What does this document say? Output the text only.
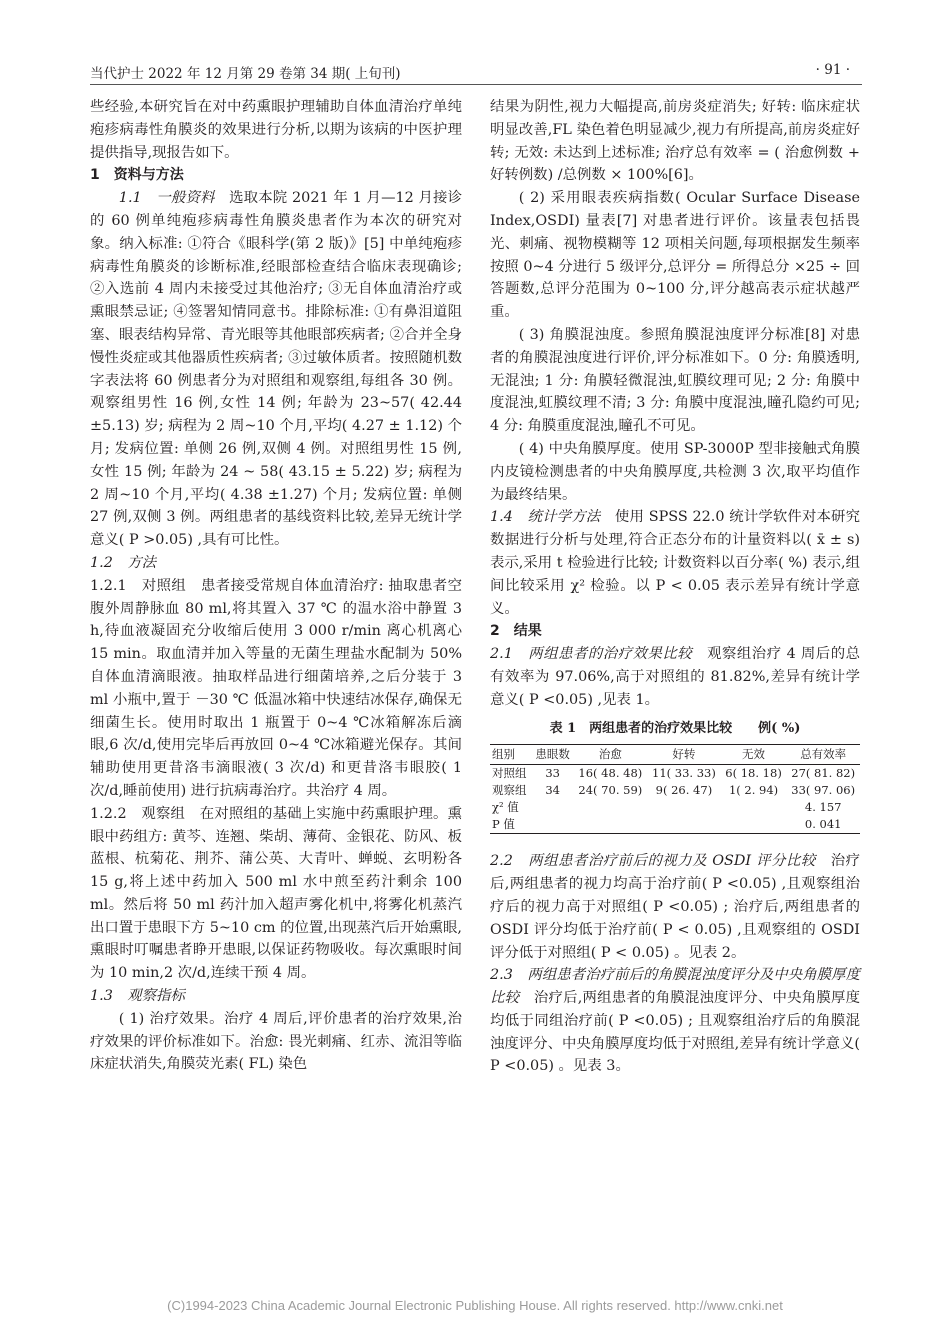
当代护士 2022 年 12 月第 29 卷第 34 期( 上旬刊)	· 91 ·

些经验,本研究旨在对中药熏眼护理辅助自体血清治疗单纯疱疹病毒性角膜炎的效果进行分析,以期为该病的中医护理提供指导,现报告如下。

1　资料与方法

1.1　一般资料　 选取本院 2021 年 1 月—12 月接诊的 60 例单纯疱疹病毒性角膜炎患者作为本次的研究对象。纳入标准: ①符合《眼科学(第 2 版)》[5] 中单纯疱疹病毒性角膜炎的诊断标准,经眼部检查结合临床表现确诊; ②入选前 4 周内未接受过其他治疗; ③无自体血清治疗或熏眼禁忌证; ④签署知情同意书。排除标准: ①有鼻泪道阻塞、眼表结构异常、青光眼等其他眼部疾病者; ②合并全身慢性炎症或其他器质性疾病者; ③过敏体质者。按照随机数字表法将 60 例患者分为对照组和观察组,每组各 30 例。观察组男性 16 例,女性 14 例; 年龄为 23~57( 42.44 ±5.13) 岁; 病程为 2 周~10 个月,平均( 4.27 ± 1.12) 个月; 发病位置: 单侧 26 例,双侧 4 例。对照组男性 15 例,女性 15 例; 年龄为 24 ~ 58( 43.15 ± 5.22) 岁; 病程为 2 周~10 个月,平均( 4.38 ±1.27) 个月; 发病位置: 单侧 27 例,双侧 3 例。两组患者的基线资料比较,差异无统计学意义( P >0.05) ,具有可比性。

1.2　方法

1.2.1　对照组　 患者接受常规自体血清治疗: 抽取患者空腹外周静脉血 80 ml,将其置入 37 ℃ 的温水浴中静置 3 h,待血液凝固充分收缩后使用 3 000 r/min 离心机离心 15 min。取血清并加入等量的无菌生理盐水配制为 50% 自体血清滴眼液。抽取样品进行细菌培养,之后分装于 3 ml 小瓶中,置于 －30 ℃ 低温冰箱中快速结冰保存,确保无细菌生长。使用时取出 1 瓶置于 0~4 ℃冰箱解冻后滴眼,6 次/d,使用完毕后再放回 0~4 ℃冰箱避光保存。其间辅助使用更昔洛韦滴眼液( 3 次/d) 和更昔洛韦眼胶( 1 次/d,睡前使用) 进行抗病毒治疗。共治疗 4 周。

1.2.2　观察组　 在对照组的基础上实施中药熏眼护理。熏眼中药组方: 黄芩、连翘、柴胡、薄荷、金银花、防风、板蓝根、杭菊花、荆芥、蒲公英、大青叶、蝉蜕、玄明粉各 15 g,将上述中药加入 500 ml 水中煎至药汁剩余 100 ml。然后将 50 ml 药汁加入超声雾化机中,将雾化机蒸汽出口置于患眼下方 5~10 cm 的位置,出现蒸汽后开始熏眼,熏眼时叮嘱患者睁开患眼,以保证药物吸收。每次熏眼时间为 10 min,2 次/d,连续干预 4 周。

1.3　观察指标

( 1) 治疗效果。治疗 4 周后,评价患者的治疗效果,治疗效果的评价标准如下。治愈: 畏光刺痛、红赤、流泪等临床症状消失,角膜荧光素( FL) 染色

结果为阴性,视力大幅提高,前房炎症消失; 好转: 临床症状明显改善,FL 染色着色明显减少,视力有所提高,前房炎症好转; 无效: 未达到上述标准; 治疗总有效率 = ( 治愈例数 + 好转例数) /总例数 × 100%[6]。

( 2) 采用眼表疾病指数( Ocular Surface Disease Index,OSDI) 量表[7] 对患者进行评价。该量表包括畏光、刺痛、视物模糊等 12 项相关问题,每项根据发生频率按照 0~4 分进行 5 级评分,总评分 = 所得总分 ×25 ÷ 回答题数,总评分范围为 0~100 分,评分越高表示症状越严重。

( 3) 角膜混浊度。参照角膜混浊度评分标准[8] 对患者的角膜混浊度进行评价,评分标准如下。0 分: 角膜透明,无混浊; 1 分: 角膜轻微混浊,虹膜纹理可见; 2 分: 角膜中度混浊,虹膜纹理不清; 3 分: 角膜中度混浊,瞳孔隐约可见; 4 分: 角膜重度混浊,瞳孔不可见。

( 4) 中央角膜厚度。使用 SP-3000P 型非接触式角膜内皮镜检测患者的中央角膜厚度,共检测 3 次,取平均值作为最终结果。

1.4　统计学方法　 使用 SPSS 22.0 统计学软件对本研究数据进行分析与处理,符合正态分布的计量资料以( x̄ ± s) 表示,采用 t 检验进行比较; 计数资料以百分率( %) 表示,组间比较采用 χ² 检验。以 P < 0.05 表示差异有统计学意义。

2　结果

2.1　两组患者的治疗效果比较　 观察组治疗 4 周后的总有效率为 97.06%,高于对照组的 81.82%,差异有统计学意义( P <0.05) ,见表 1。

表 1　两组患者的治疗效果比较　　例( %)
组别	患眼数	治愈	好转	无效	总有效率
对照组	33	16( 48. 48)	11( 33. 33)	6( 18. 18)	27( 81. 82)
观察组	34	24( 70. 59)	9( 26. 47)	1( 2. 94)	33( 97. 06)
χ² 值					4. 157
P 值					0. 041

2.2　两组患者治疗前后的视力及 OSDI 评分比较　 治疗后,两组患者的视力均高于治疗前( P <0.05) ,且观察组治疗后的视力高于对照组( P <0.05) ; 治疗后,两组患者的 OSDI 评分均低于治疗前( P < 0.05) ,且观察组的 OSDI 评分低于对照组( P < 0.05) 。见表 2。

2.3　两组患者治疗前后的角膜混浊度评分及中央角膜厚度比较　 治疗后,两组患者的角膜混浊度评分、中央角膜厚度均低于同组治疗前( P <0.05) ; 且观察组治疗后的角膜混浊度评分、中央角膜厚度均低于对照组,差异有统计学意义( P <0.05) 。见表 3。

(C)1994-2023 China Academic Journal Electronic Publishing House. All rights reserved. http://www.cnki.net
